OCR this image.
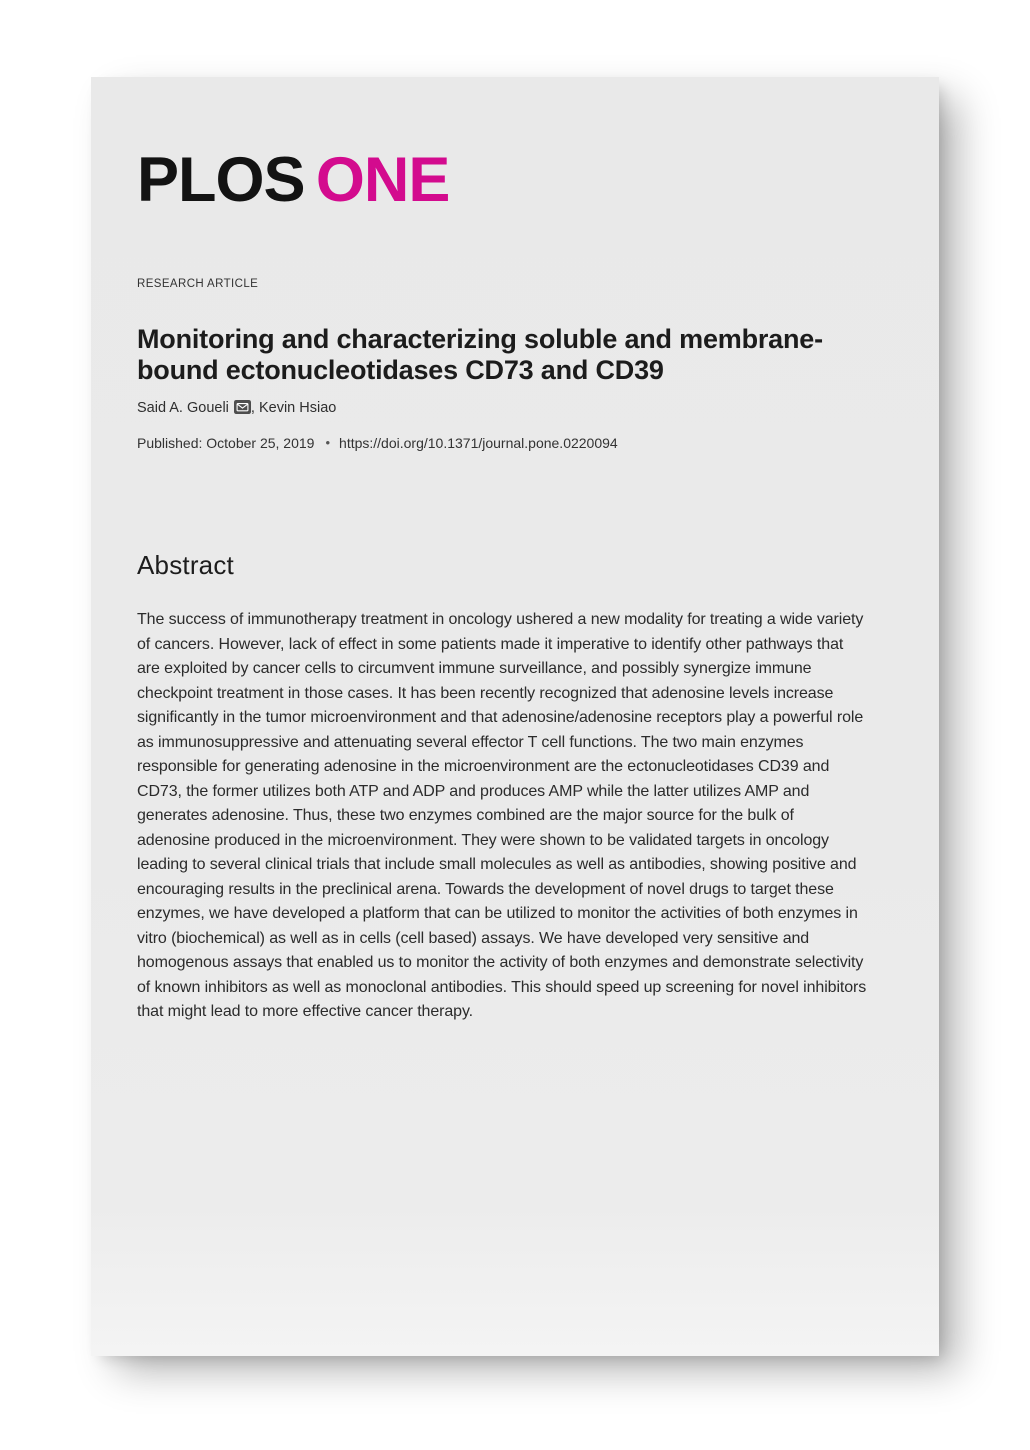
PLOS ONE
RESEARCH ARTICLE
Monitoring and characterizing soluble and membrane-bound ectonucleotidases CD73 and CD39
Said A. Goueli , Kevin Hsiao
Published: October 25, 2019 • https://doi.org/10.1371/journal.pone.0220094
Abstract

The success of immunotherapy treatment in oncology ushered a new modality for treating a wide variety of cancers. However, lack of effect in some patients made it imperative to identify other pathways that are exploited by cancer cells to circumvent immune surveillance, and possibly synergize immune checkpoint treatment in those cases. It has been recently recognized that adenosine levels increase significantly in the tumor microenvironment and that adenosine/adenosine receptors play a powerful role as immunosuppressive and attenuating several effector T cell functions. The two main enzymes responsible for generating adenosine in the microenvironment are the ectonucleotidases CD39 and CD73, the former utilizes both ATP and ADP and produces AMP while the latter utilizes AMP and generates adenosine. Thus, these two enzymes combined are the major source for the bulk of adenosine produced in the microenvironment. They were shown to be validated targets in oncology leading to several clinical trials that include small molecules as well as antibodies, showing positive and encouraging results in the preclinical arena. Towards the development of novel drugs to target these enzymes, we have developed a platform that can be utilized to monitor the activities of both enzymes in vitro (biochemical) as well as in cells (cell based) assays. We have developed very sensitive and homogenous assays that enabled us to monitor the activity of both enzymes and demonstrate selectivity of known inhibitors as well as monoclonal antibodies. This should speed up screening for novel inhibitors that might lead to more effective cancer therapy.
